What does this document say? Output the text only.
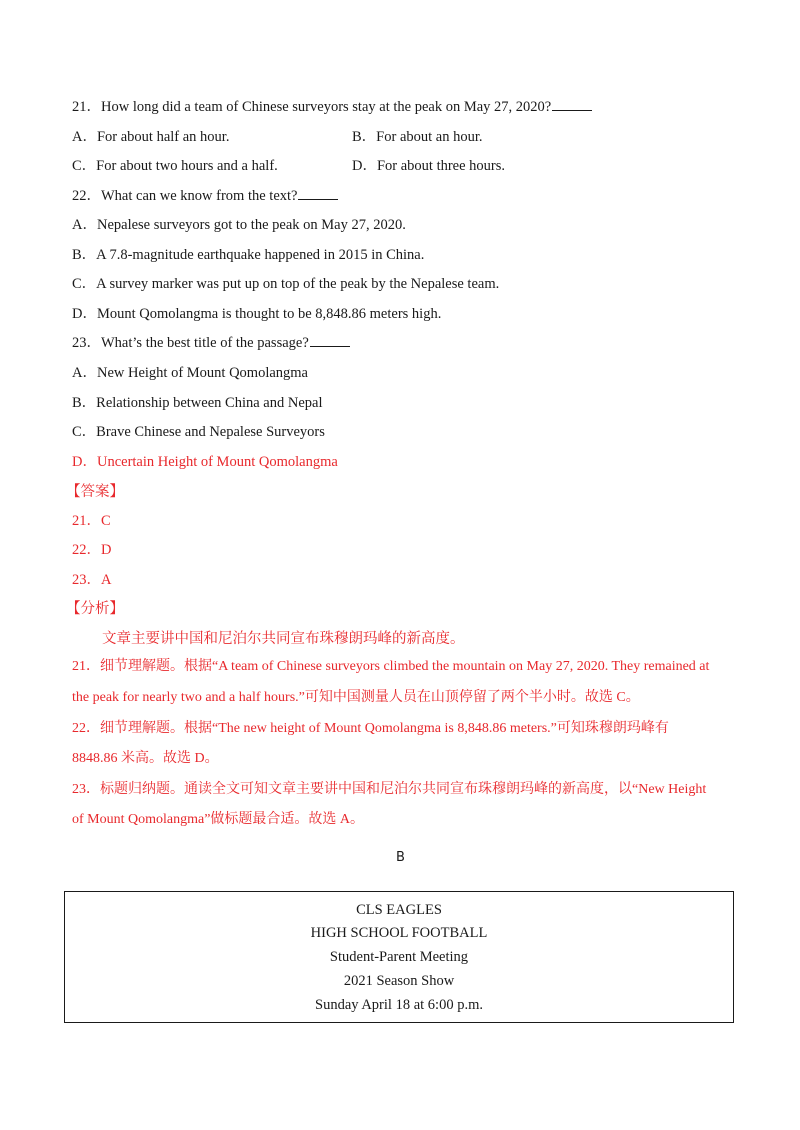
21．How long did a team of Chinese surveyors stay at the peak on May 27, 2020?
A．For about half an hour.	B．For about an hour.
C．For about two hours and a half.	D．For about three hours.
22．What can we know from the text?
A．Nepalese surveyors got to the peak on May 27, 2020.
B．A 7.8-magnitude earthquake happened in 2015 in China.
C．A survey marker was put up on top of the peak by the Nepalese team.
D．Mount Qomolangma is thought to be 8,848.86 meters high.
23．What’s the best title of the passage?
A．New Height of Mount Qomolangma
B．Relationship between China and Nepal
C．Brave Chinese and Nepalese Surveyors
D．Uncertain Height of Mount Qomolangma
【答案】
21．C
22．D
23．A
【分析】
文章主要讲中国和尼泊尔共同宣布珠穆朗玛峰的新高度。
21．细节理解题。根据“A team of Chinese surveyors climbed the mountain on May 27, 2020. They remained at
the peak for nearly two and a half hours.”可知中国测量人员在山顶停留了两个半小时。故选 C。
22．细节理解题。根据“The new height of Mount Qomolangma is 8,848.86 meters.”可知珠穆朗玛峰有
8848.86 米高。故选 D。
23．标题归纳题。通读全文可知文章主要讲中国和尼泊尔共同宣布珠穆朗玛峰的新高度，以“New Height
of Mount Qomolangma”做标题最合适。故选 A。
B
CLS EAGLES
HIGH SCHOOL FOOTBALL
Student-Parent Meeting
2021 Season Show
Sunday April 18 at 6:00 p.m.
